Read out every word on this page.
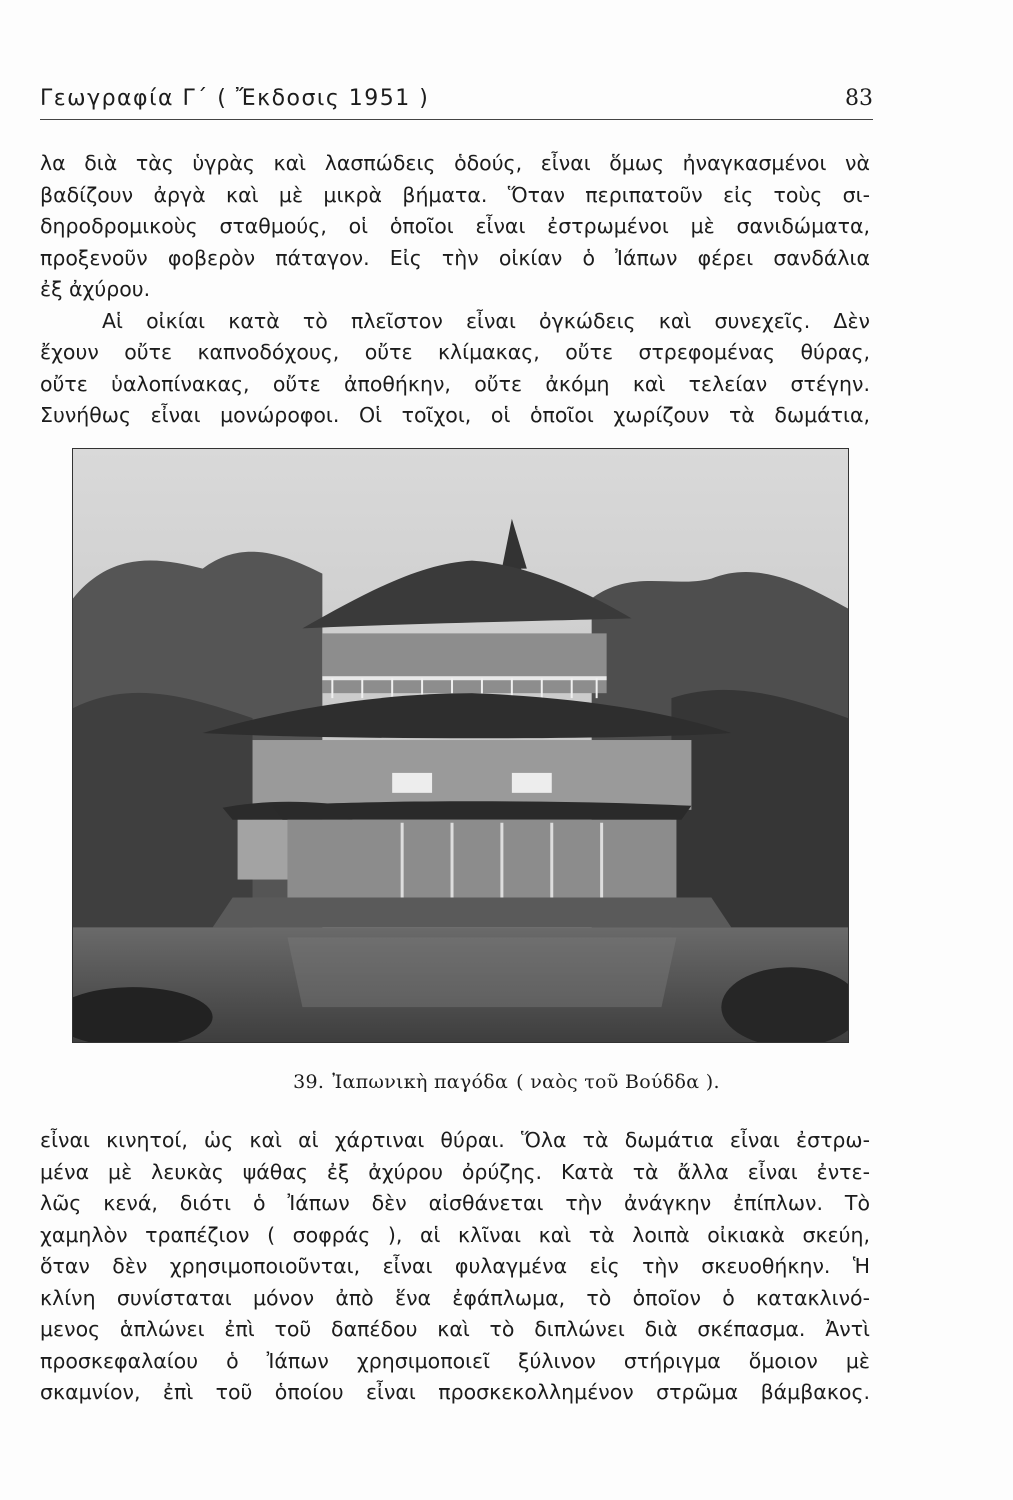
Γεωγραφία Γ΄ ( Ἔκδοσις 1951 )	83
λα διὰ τὰς ὑγρὰς καὶ λασπώδεις ὁδούς, εἶναι ὅμως ἠναγκασμένοι νὰ
βαδίζουν ἀργὰ καὶ μὲ μικρὰ βήματα. Ὅταν περιπατοῦν εἰς τοὺς σι-
δηροδρομικοὺς σταθμούς, οἱ ὁποῖοι εἶναι ἐστρωμένοι μὲ σανιδώματα,
προξενοῦν φοβερὸν πάταγον. Εἰς τὴν οἰκίαν ὁ Ἰάπων φέρει σανδάλια
ἐξ ἀχύρου.
Αἱ οἰκίαι κατὰ τὸ πλεῖστον εἶναι ὀγκώδεις καὶ συνεχεῖς. Δὲν
ἔχουν οὔτε καπνοδόχους, οὔτε κλίμακας, οὔτε στρεφομένας θύρας,
οὔτε ὑαλοπίνακας, οὔτε ἀποθήκην, οὔτε ἀκόμη καὶ τελείαν στέγην.
Συνήθως εἶναι μονώροφοι. Οἱ τοῖχοι, οἱ ὁποῖοι χωρίζουν τὰ δωμάτια,
39. Ἰαπωνικὴ παγόδα ( ναὸς τοῦ Βούδδα ).
εἶναι κινητοί, ὡς καὶ αἱ χάρτιναι θύραι. Ὅλα τὰ δωμάτια εἶναι ἐστρω-
μένα μὲ λευκὰς ψάθας ἐξ ἀχύρου ὀρύζης. Κατὰ τὰ ἄλλα εἶναι ἐντε-
λῶς κενά, διότι ὁ Ἰάπων δὲν αἰσθάνεται τὴν ἀνάγκην ἐπίπλων. Τὸ
χαμηλὸν τραπέζιον ( σοφράς ), αἱ κλῖναι καὶ τὰ λοιπὰ οἰκιακὰ σκεύη,
ὅταν δὲν χρησιμοποιοῦνται, εἶναι φυλαγμένα εἰς τὴν σκευοθήκην. Ἡ
κλίνη συνίσταται μόνον ἀπὸ ἕνα ἐφάπλωμα, τὸ ὁποῖον ὁ κατακλινό-
μενος ἁπλώνει ἐπὶ τοῦ δαπέδου καὶ τὸ διπλώνει διὰ σκέπασμα. Ἀντὶ
προσκεφαλαίου ὁ Ἰάπων χρησιμοποιεῖ ξύλινον στήριγμα ὅμοιον μὲ
σκαμνίον, ἐπὶ τοῦ ὁποίου εἶναι προσκεκολλημένον στρῶμα βάμβακος.
